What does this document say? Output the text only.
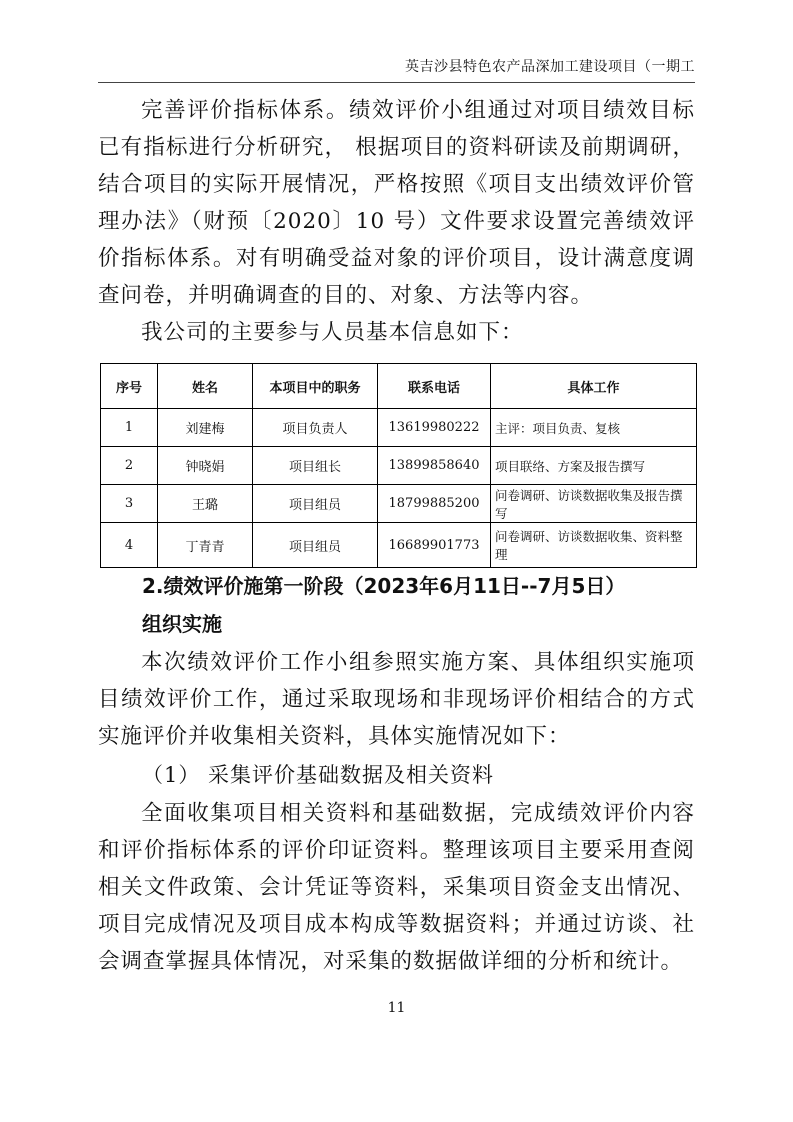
英吉沙县特色农产品深加工建设项目（一期工

完善评价指标体系。绩效评价小组通过对项目绩效目标已有指标进行分析研究， 根据项目的资料研读及前期调研，结合项目的实际开展情况，严格按照《项目支出绩效评价管理办法》（财预〔2020〕10 号）文件要求设置完善绩效评价指标体系。对有明确受益对象的评价项目，设计满意度调查问卷，并明确调查的目的、对象、方法等内容。

我公司的主要参与人员基本信息如下：

序号	姓名	本项目中的职务	联系电话	具体工作
1	刘建梅	项目负责人	13619980222	主评：项目负责、复核
2	钟晓娟	项目组长	13899858640	项目联络、方案及报告撰写
3	王璐	项目组员	18799885200	问卷调研、访谈数据收集及报告撰写
4	丁青青	项目组员	16689901773	问卷调研、访谈数据收集、资料整理

2.绩效评价施第一阶段（2023年6月11日--7月5日）

组织实施

本次绩效评价工作小组参照实施方案、具体组织实施项目绩效评价工作，通过采取现场和非现场评价相结合的方式实施评价并收集相关资料，具体实施情况如下：

（1） 采集评价基础数据及相关资料

全面收集项目相关资料和基础数据，完成绩效评价内容和评价指标体系的评价印证资料。整理该项目主要采用查阅相关文件政策、会计凭证等资料，采集项目资金支出情况、项目完成情况及项目成本构成等数据资料；并通过访谈、社会调查掌握具体情况，对采集的数据做详细的分析和统计。

11
